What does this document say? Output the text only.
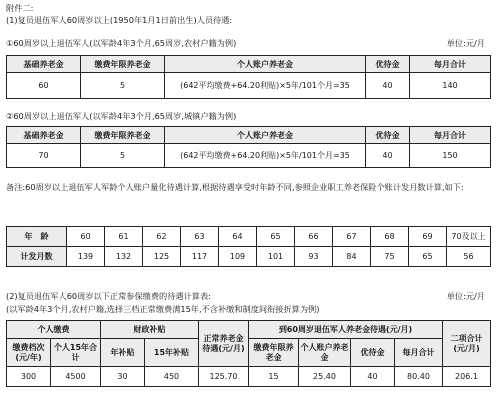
附件二:
(1)复员退伍军人60周岁以上(1950年1月1日前出生)人员待遇:
①60周岁以上退伍军人(以军龄4年3个月,65周岁,农村户籍为例)	单位:元/月
基础养老金	缴费年限养老金	个人账户养老金	优待金	每月合计
60	5	(642平均缴费+64.20利贴)×5年/101个月=35	40	140
②60周岁以上退伍军人(以军龄4年3个月,65周岁,城镇户籍为例)
基础养老金	缴费年限养老金	个人账户养老金	优待金	每月合计
70	5	(642平均缴费+64.20利贴)×5年/101个月=35	40	150
备注:60周岁以上退伍军人军龄个人账户量化待遇计算,根据待遇享受时年龄不同,参照企业职工养老保险个账计发月数计算,如下:
年　龄	60	61	62	63	64	65	66	67	68	69	70及以上
计发月数	139	132	125	117	109	101	93	84	75	65	56
(2)复员退伍军人60周岁以下正常参保缴费的待遇计算表:	单位:元/月
(以军龄4年3个月,农村户籍,选择三档正常缴费满15年,不含补缴和制度间衔接折算为例)
个人缴费		财政补贴		正常养老金待遇(元/月)	到60周岁退伍军人养老金待遇(元/月)				二项合计(元/月)
缴费档次(元/年)	个人15年合计	年补贴	15年补贴		缴费年限养老金	个人账户养老金	优待金	每月合计	
300	4500	30	450	125.70	15	25.40	40	80.40	206.1
